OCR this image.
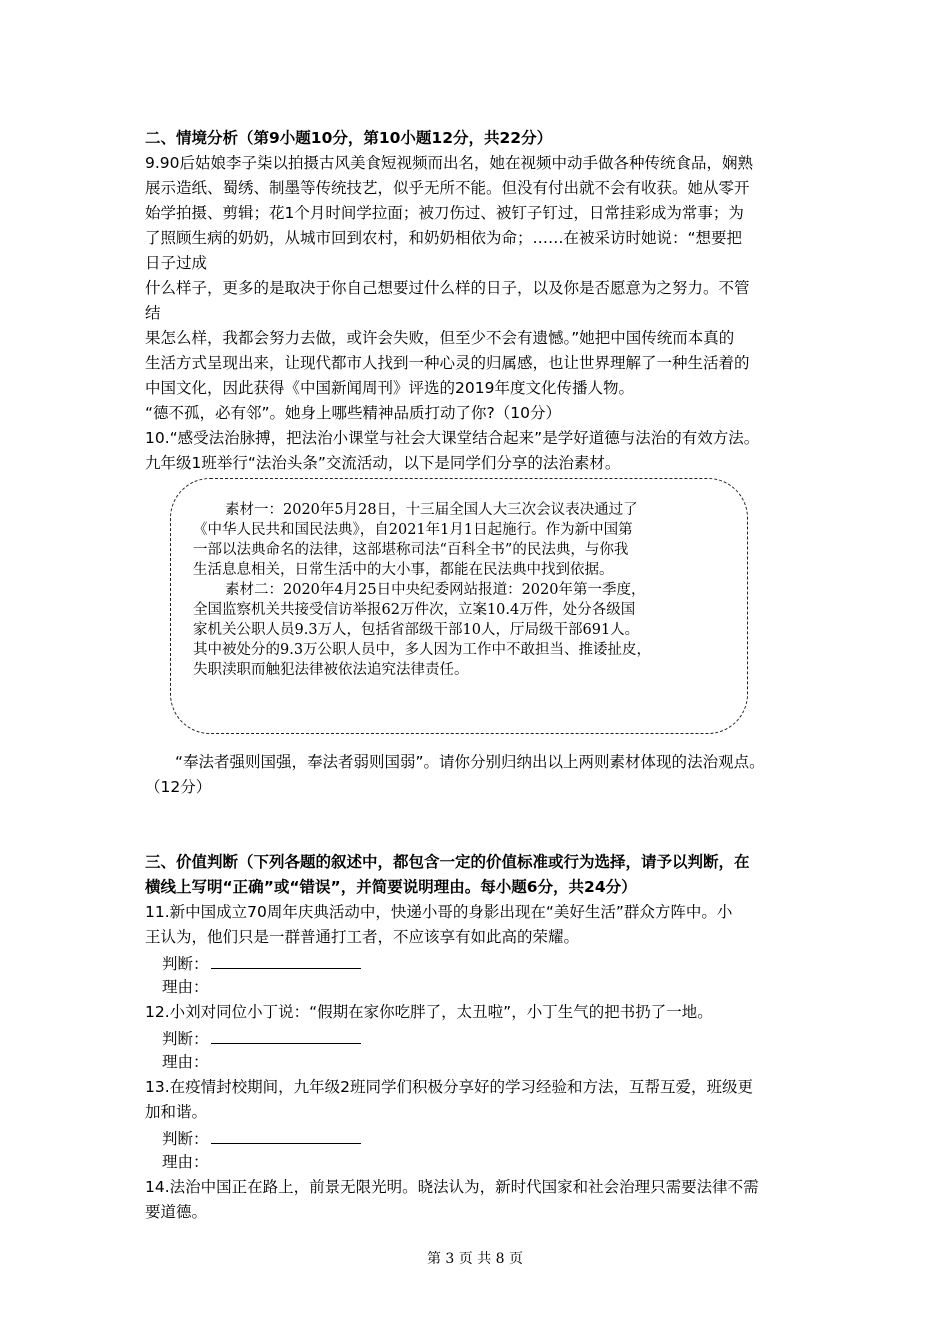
二、情境分析（第9小题10分，第10小题12分，共22分）
9.90后姑娘李子柒以拍摄古风美食短视频而出名，她在视频中动手做各种传统食品，娴熟
展示造纸、蜀绣、制墨等传统技艺，似乎无所不能。但没有付出就不会有收获。她从零开
始学拍摄、剪辑；花1个月时间学拉面；被刀伤过、被钉子钉过，日常挂彩成为常事；为
了照顾生病的奶奶，从城市回到农村，和奶奶相依为命；……在被采访时她说：“想要把
日子过成
什么样子，更多的是取决于你自己想要过什么样的日子，以及你是否愿意为之努力。不管
结
果怎么样，我都会努力去做，或许会失败，但至少不会有遗憾。”她把中国传统而本真的
生活方式呈现出来，让现代都市人找到一种心灵的归属感，也让世界理解了一种生活着的
中国文化，因此获得《中国新闻周刊》评选的2019年度文化传播人物。
“德不孤，必有邻”。她身上哪些精神品质打动了你?（10分）
10.“感受法治脉搏，把法治小课堂与社会大课堂结合起来”是学好道德与法治的有效方法。
九年级1班举行“法治头条”交流活动，以下是同学们分享的法治素材。
素材一：2020年5月28日，十三届全国人大三次会议表决通过了
《中华人民共和国民法典》，自2021年1月1日起施行。作为新中国第
一部以法典命名的法律，这部堪称司法“百科全书”的民法典，与你我
生活息息相关，日常生活中的大小事，都能在民法典中找到依据。
素材二：2020年4月25日中央纪委网站报道：2020年第一季度，
全国监察机关共接受信访举报62万件次，立案10.4万件，处分各级国
家机关公职人员9.3万人，包括省部级干部10人，厅局级干部691人。
其中被处分的9.3万公职人员中，多人因为工作中不敢担当、推诿扯皮，
失职渎职而触犯法律被依法追究法律责任。
“奉法者强则国强，奉法者弱则国弱”。请你分别归纳出以上两则素材体现的法治观点。
（12分）
三、价值判断（下列各题的叙述中，都包含一定的价值标准或行为选择，请予以判断，在
横线上写明“正确”或“错误”，并简要说明理由。每小题6分，共24分）
11.新中国成立70周年庆典活动中，快递小哥的身影出现在“美好生活”群众方阵中。小
王认为，他们只是一群普通打工者，不应该享有如此高的荣耀。
判断：
理由：
12.小刘对同位小丁说：“假期在家你吃胖了，太丑啦”，小丁生气的把书扔了一地。
判断：
理由：
13.在疫情封校期间，九年级2班同学们积极分享好的学习经验和方法，互帮互爱，班级更
加和谐。
判断：
理由：
14.法治中国正在路上，前景无限光明。晓法认为，新时代国家和社会治理只需要法律不需
要道德。
第 3 页 共 8 页
